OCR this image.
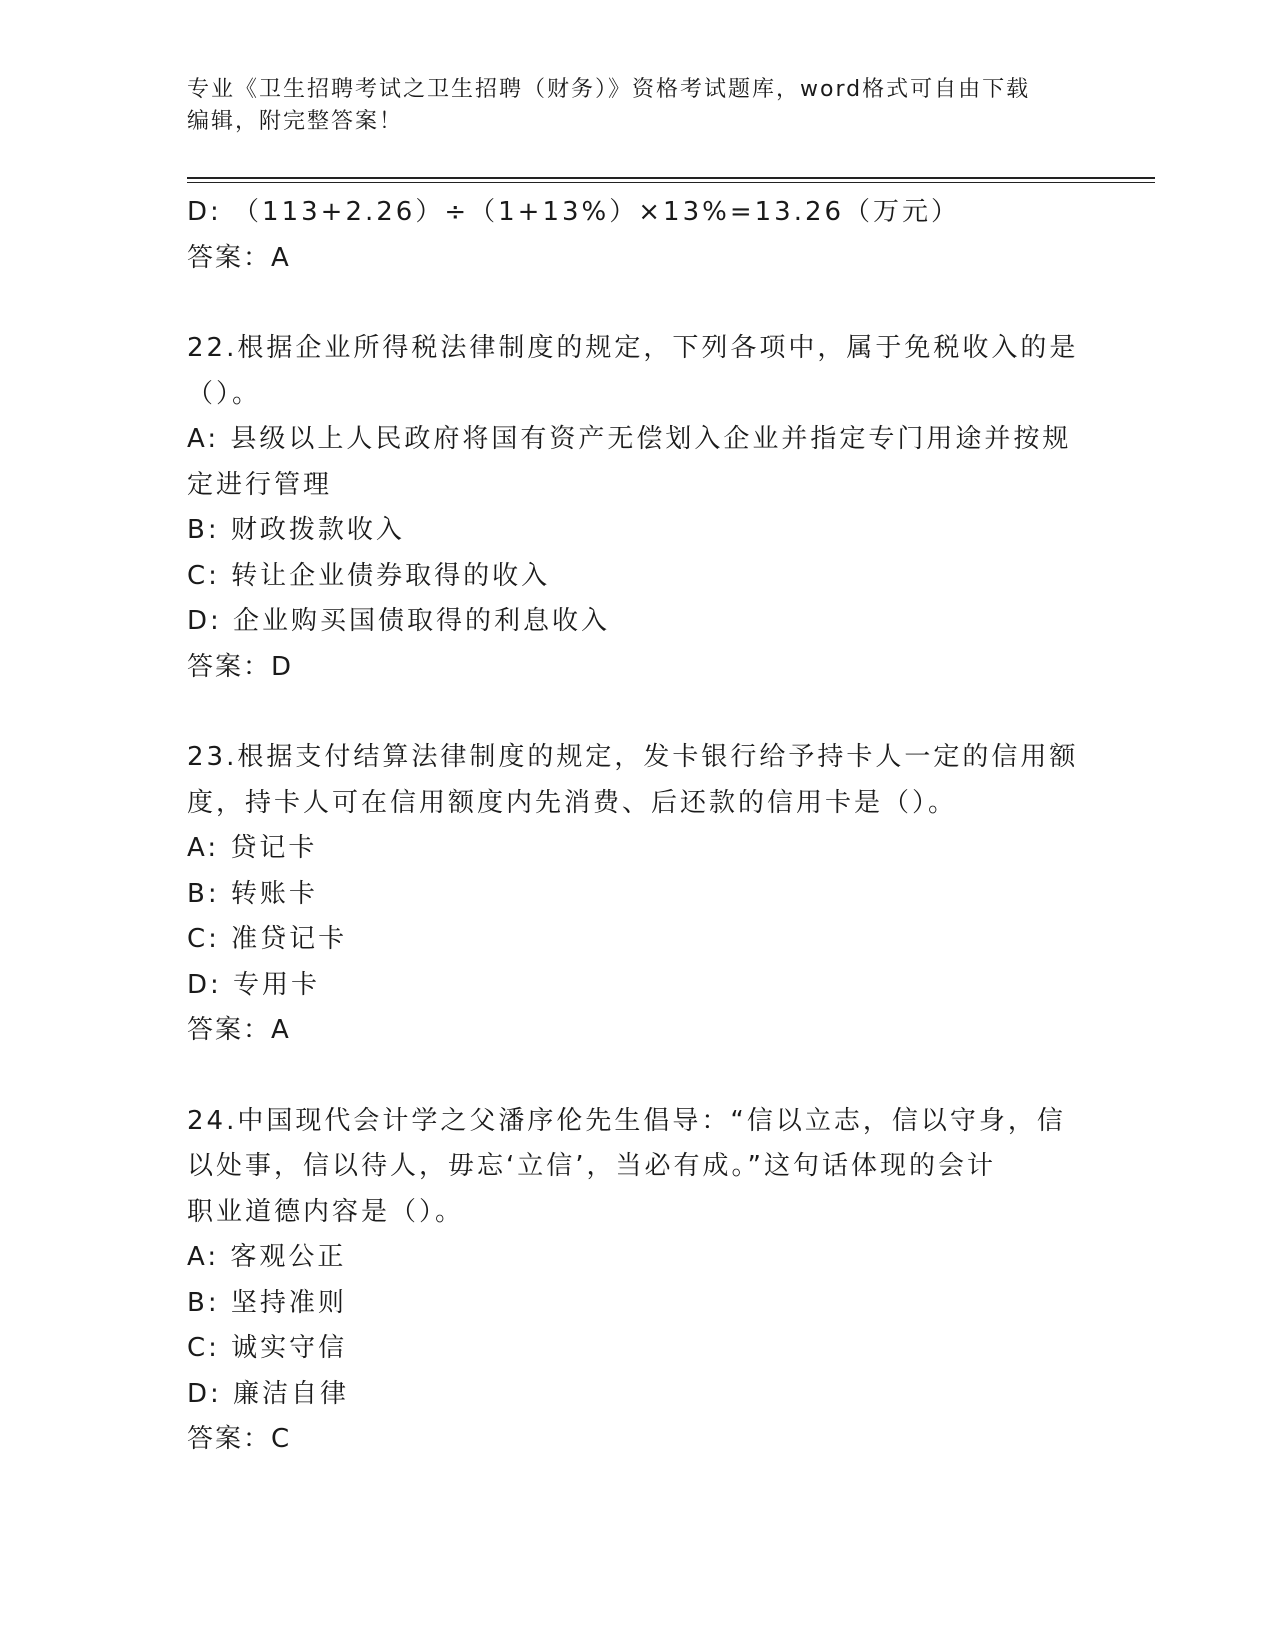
专业《卫生招聘考试之卫生招聘（财务）》资格考试题库，word格式可自由下载
编辑，附完整答案！

D: （113+2.26）÷（1+13%）×13%=13.26（万元）

答案：A

22.根据企业所得税法律制度的规定，下列各项中，属于免税收入的是

（）。

A: 县级以上人民政府将国有资产无偿划入企业并指定专门用途并按规

定进行管理

B: 财政拨款收入

C: 转让企业债券取得的收入

D: 企业购买国债取得的利息收入

答案：D

23.根据支付结算法律制度的规定，发卡银行给予持卡人一定的信用额

度，持卡人可在信用额度内先消费、后还款的信用卡是（）。

A: 贷记卡

B: 转账卡

C: 准贷记卡

D: 专用卡

答案：A

24.中国现代会计学之父潘序伦先生倡导：“信以立志，信以守身，信

以处事，信以待人，毋忘‘立信’，当必有成。”这句话体现的会计

职业道德内容是（）。

A: 客观公正

B: 坚持准则

C: 诚实守信

D: 廉洁自律

答案：C
